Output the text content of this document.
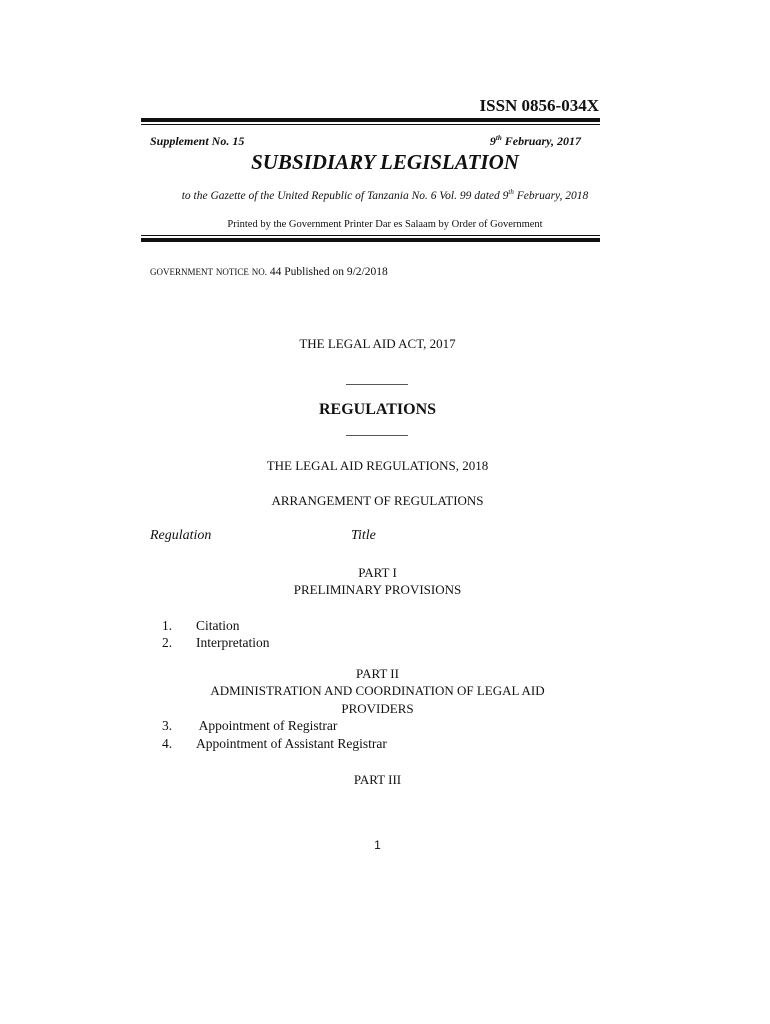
ISSN 0856-034X
Supplement No. 15	9th February, 2017
SUBSIDIARY LEGISLATION
to the Gazette of the United Republic of Tanzania No. 6 Vol. 99 dated 9th February, 2018
Printed by the Government Printer Dar es Salaam by Order of Government
GOVERNMENT NOTICE NO. 44 Published on 9/2/2018
THE LEGAL AID ACT, 2017
REGULATIONS
THE LEGAL AID REGULATIONS, 2018
ARRANGEMENT OF REGULATIONS
Regulation	Title
PART I
PRELIMINARY PROVISIONS
1. Citation
2. Interpretation
PART II
ADMINISTRATION AND COORDINATION OF LEGAL AID
PROVIDERS
3. Appointment of Registrar
4. Appointment of Assistant Registrar
PART III
1
